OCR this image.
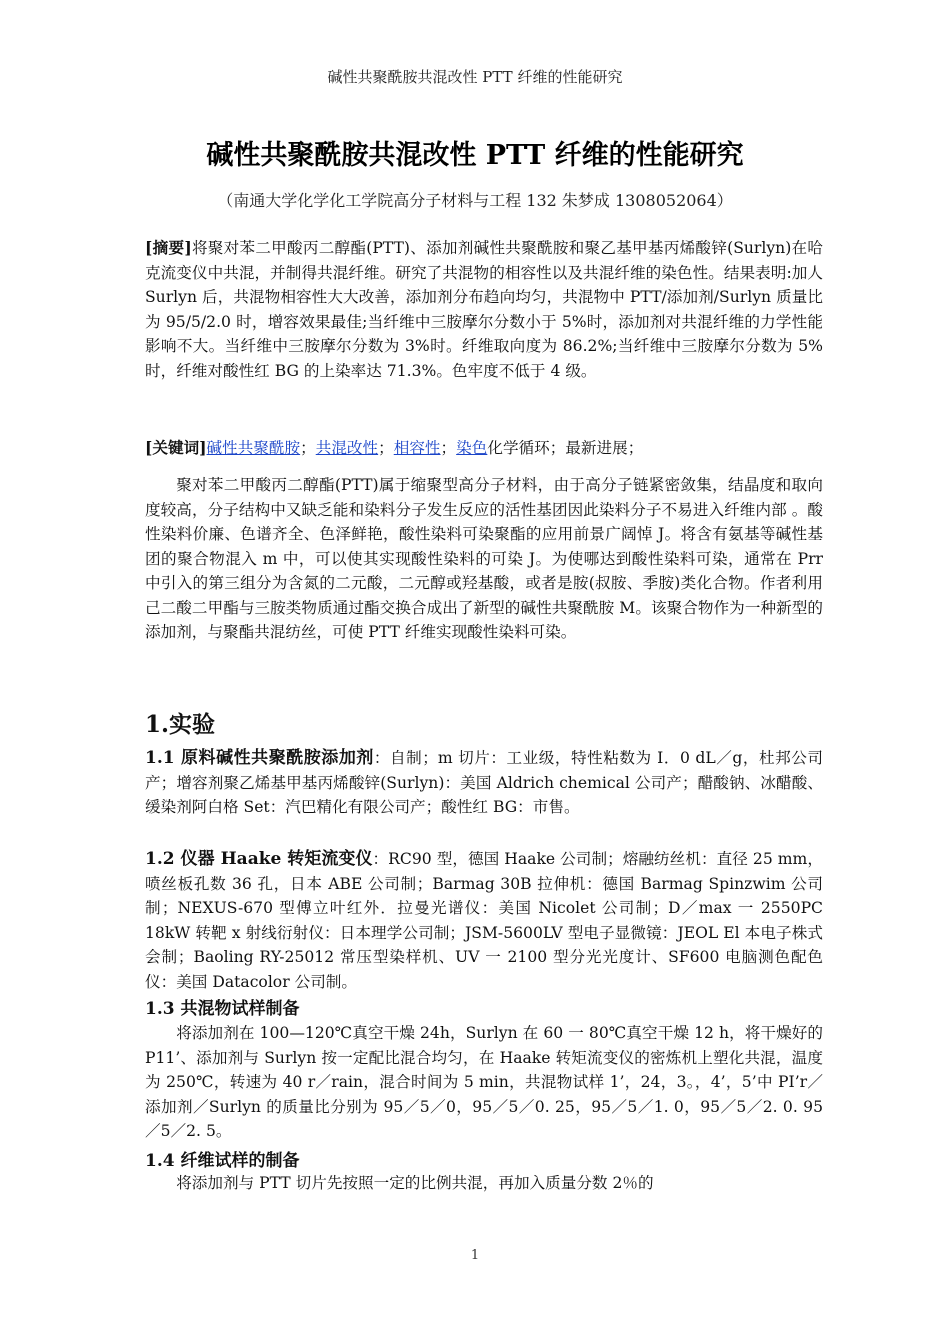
碱性共聚酰胺共混改性 PTT 纤维的性能研究
碱性共聚酰胺共混改性 PTT 纤维的性能研究
（南通大学化学化工学院高分子材料与工程 132 朱梦成 1308052064）
[摘要]将聚对苯二甲酸丙二醇酯(PTT)、添加剂碱性共聚酰胺和聚乙基甲基丙烯酸锌(Surlyn)在哈克流变仪中共混，并制得共混纤维。研究了共混物的相容性以及共混纤维的染色性。结果表明:加人 Surlyn 后，共混物相容性大大改善，添加剂分布趋向均匀，共混物中 PTT/添加剂/Surlyn 质量比为 95/5/2.0 时，增容效果最佳;当纤维中三胺摩尔分数小于 5%时，添加剂对共混纤维的力学性能影响不大。当纤维中三胺摩尔分数为 3%时。纤维取向度为 86.2%;当纤维中三胺摩尔分数为 5%时，纤维对酸性红 BG 的上染率达 71.3%。色牢度不低于 4 级。
[关键词]碱性共聚酰胺；共混改性；相容性；染色化学循环；最新进展；
聚对苯二甲酸丙二醇酯(PTT)属于缩聚型高分子材料，由于高分子链紧密敛集，结晶度和取向度较高，分子结构中又缺乏能和染料分子发生反应的活性基团因此染料分子不易进入纤维内部 。酸性染料价廉、色谱齐全、色泽鲜艳，酸性染料可染聚酯的应用前景广阔悼 J。将含有氨基等碱性基团的聚合物混入 m 中，可以使其实现酸性染料的可染 J。为使哪达到酸性染料可染，通常在 Prr 中引入的第三组分为含氮的二元酸，二元醇或羟基酸，或者是胺(叔胺、季胺)类化合物。作者利用己二酸二甲酯与三胺类物质通过酯交换合成出了新型的碱性共聚酰胺 M。该聚合物作为一种新型的添加剂，与聚酯共混纺丝，可使 PTT 纤维实现酸性染料可染。
1.实验
1.1 原料碱性共聚酰胺添加剂：自制；m 切片：工业级，特性粘数为 I．0 dL／g，杜邦公司产；增容剂聚乙烯基甲基丙烯酸锌(Surlyn)：美国 Aldrich chemical 公司产；醋酸钠、冰醋酸、缓染剂阿白格 Set：汽巴精化有限公司产；酸性红 BG：市售。
1.2 仪器 Haake 转矩流变仪：RC90 型，德国 Haake 公司制；熔融纺丝机：直径 25 mm，喷丝板孔数 36 孔，日本 ABE 公司制；Barmag 30B 拉伸机：德国 Barmag Spinzwim 公司制；NEXUS-670 型傅立叶红外．拉曼光谱仪：美国 Nicolet 公司制；D／max 一 2550PC　18kW 转靶 x 射线衍射仪：日本理学公司制；JSM-5600LV 型电子显微镜：JEOL El 本电子株式会制；Baoling RY-25012 常压型染样机、UV 一 2100 型分光光度计、SF600 电脑测色配色仪：美国 Datacolor 公司制。
1.3 共混物试样制备
将添加剂在 100—120℃真空干燥 24h，Surlyn 在 60 一 80℃真空干燥 12 h，将干燥好的 P11’、添加剂与 Surlyn 按一定配比混合均匀，在 Haake 转矩流变仪的密炼机上塑化共混，温度为 250℃，转速为 40 r／rain，混合时间为 5 min，共混物试样 1’，24，3。，4’，5’中 PI’r／添加剂／Surlyn 的质量比分别为 95／5／0，95／5／0. 25，95／5／1. 0，95／5／2. 0. 95／5／2. 5。
1.4 纤维试样的制备
将添加剂与 PTT 切片先按照一定的比例共混，再加入质量分数 2％的
1
